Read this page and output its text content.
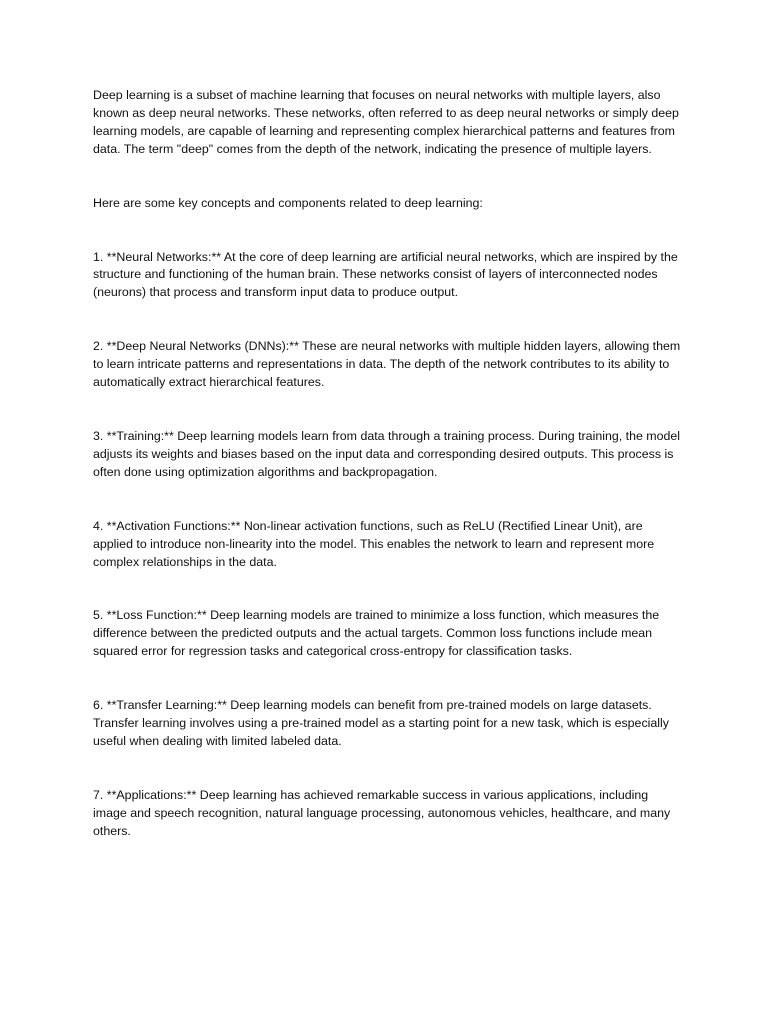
Deep learning is a subset of machine learning that focuses on neural networks with multiple layers, also known as deep neural networks. These networks, often referred to as deep neural networks or simply deep learning models, are capable of learning and representing complex hierarchical patterns and features from data. The term "deep" comes from the depth of the network, indicating the presence of multiple layers.

Here are some key concepts and components related to deep learning:

1. **Neural Networks:** At the core of deep learning are artificial neural networks, which are inspired by the structure and functioning of the human brain. These networks consist of layers of interconnected nodes (neurons) that process and transform input data to produce output.

2. **Deep Neural Networks (DNNs):** These are neural networks with multiple hidden layers, allowing them to learn intricate patterns and representations in data. The depth of the network contributes to its ability to automatically extract hierarchical features.

3. **Training:** Deep learning models learn from data through a training process. During training, the model adjusts its weights and biases based on the input data and corresponding desired outputs. This process is often done using optimization algorithms and backpropagation.

4. **Activation Functions:** Non-linear activation functions, such as ReLU (Rectified Linear Unit), are applied to introduce non-linearity into the model. This enables the network to learn and represent more complex relationships in the data.

5. **Loss Function:** Deep learning models are trained to minimize a loss function, which measures the difference between the predicted outputs and the actual targets. Common loss functions include mean squared error for regression tasks and categorical cross-entropy for classification tasks.

6. **Transfer Learning:** Deep learning models can benefit from pre-trained models on large datasets. Transfer learning involves using a pre-trained model as a starting point for a new task, which is especially useful when dealing with limited labeled data.

7. **Applications:** Deep learning has achieved remarkable success in various applications, including image and speech recognition, natural language processing, autonomous vehicles, healthcare, and many others.
